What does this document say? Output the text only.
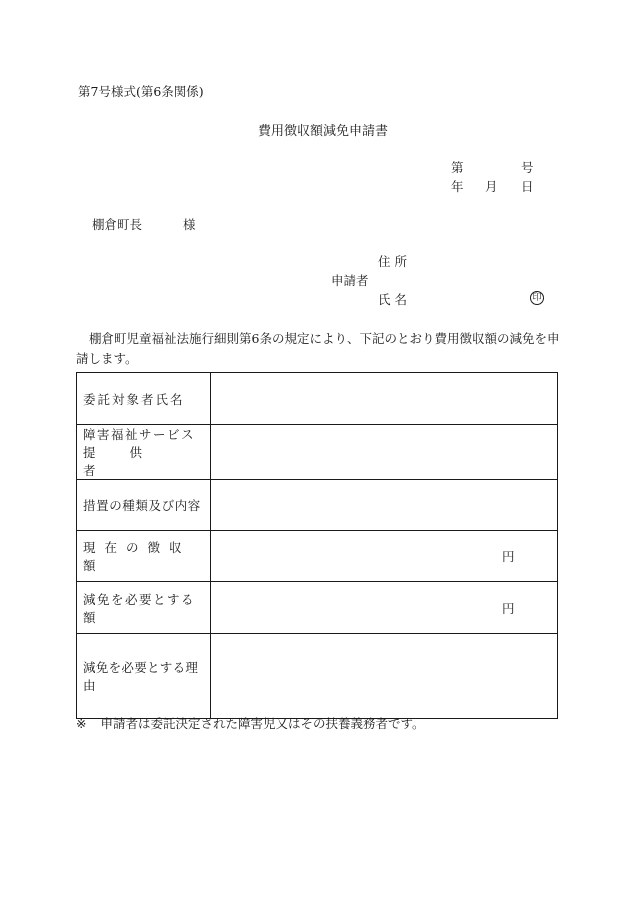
第7号様式(第6条関係)
費用徴収額減免申請書
第	号
年 月 日
棚倉町長	様
住 所
申請者
氏 名	印
棚倉町児童福祉法施行細則第6条の規定により、下記のとおり費用徴収額の減免を申請します。
委託対象者氏名	

障害福祉サービス
提供者	

措置の種類及び内容	
現在の徴収額	円

減免を必要とする額	円

減免を必要とする理由	
※ 申請者は委託決定された障害児又はその扶養義務者です。
